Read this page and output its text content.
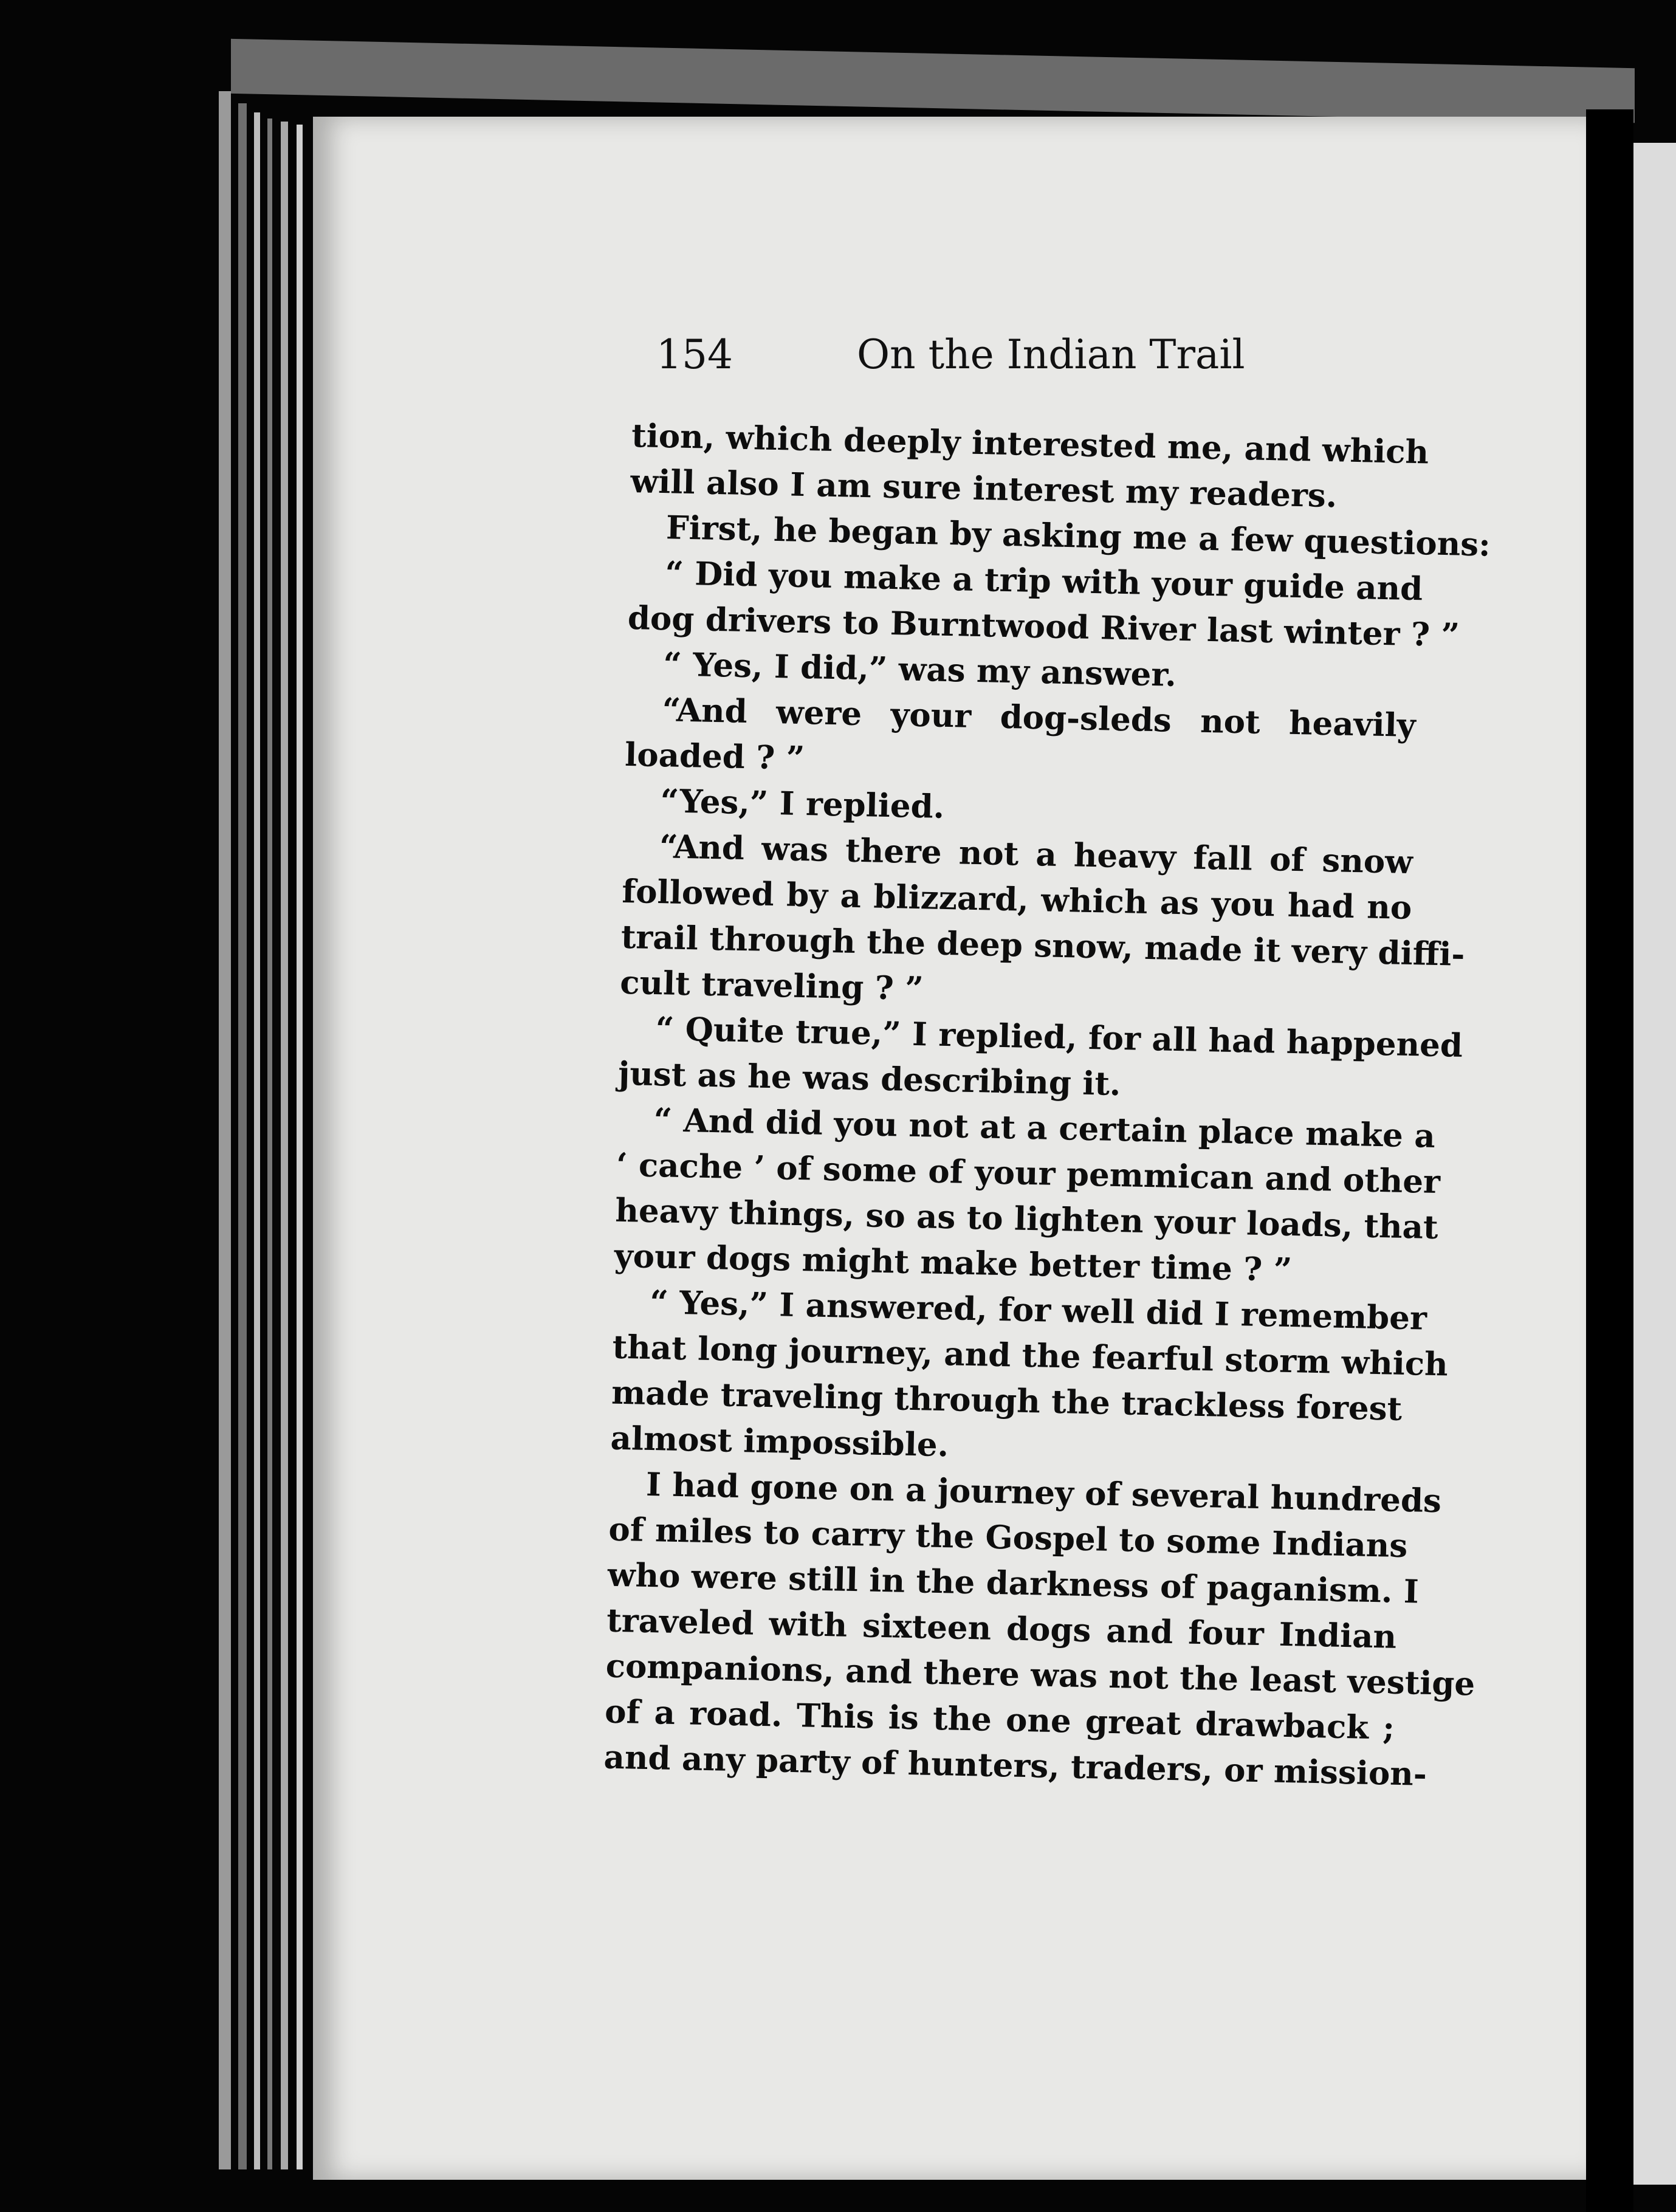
154	On the Indian Trail
tion, which deeply interested me, and which
will also I am sure interest my readers.
First, he began by asking me a few questions:
“ Did you make a trip with your guide and
dog drivers to Burntwood River last winter ? ”
“ Yes, I did,” was my answer.
“And were your dog-sleds not heavily
loaded ? ”
“Yes,” I replied.
“And was there not a heavy fall of snow
followed by a blizzard, which as you had no
trail through the deep snow, made it very diffi-
cult traveling ? ”
“ Quite true,” I replied, for all had happened
just as he was describing it.
“ And did you not at a certain place make a
‘ cache ’ of some of your pemmican and other
heavy things, so as to lighten your loads, that
your dogs might make better time ? ”
“ Yes,” I answered, for well did I remember
that long journey, and the fearful storm which
made traveling through the trackless forest
almost impossible.
I had gone on a journey of several hundreds
of miles to carry the Gospel to some Indians
who were still in the darkness of paganism. I
traveled with sixteen dogs and four Indian
companions, and there was not the least vestige
of a road. This is the one great drawback ;
and any party of hunters, traders, or mission-
